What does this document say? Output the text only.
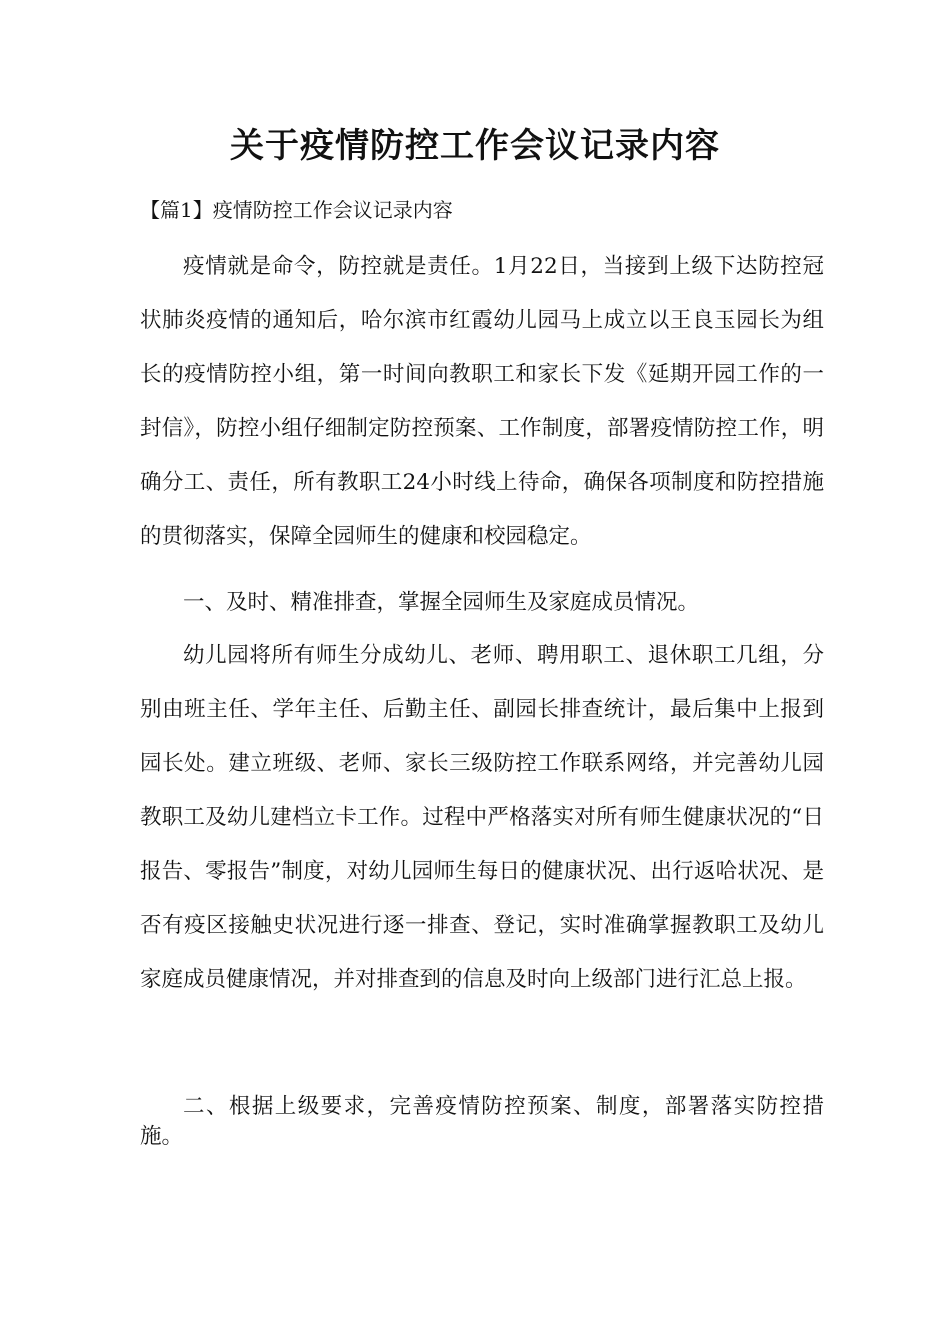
关于疫情防控工作会议记录内容
【篇1】疫情防控工作会议记录内容

疫情就是命令，防控就是责任。1月22日，当接到上级下达防控冠状肺炎疫情的通知后，哈尔滨市红霞幼儿园马上成立以王良玉园长为组长的疫情防控小组，第一时间向教职工和家长下发《延期开园工作的一封信》，防控小组仔细制定防控预案、工作制度，部署疫情防控工作，明确分工、责任，所有教职工24小时线上待命，确保各项制度和防控措施的贯彻落实，保障全园师生的健康和校园稳定。

一、及时、精准排查，掌握全园师生及家庭成员情况。

幼儿园将所有师生分成幼儿、老师、聘用职工、退休职工几组，分别由班主任、学年主任、后勤主任、副园长排查统计，最后集中上报到园长处。建立班级、老师、家长三级防控工作联系网络，并完善幼儿园教职工及幼儿建档立卡工作。过程中严格落实对所有师生健康状况的“日报告、零报告”制度，对幼儿园师生每日的健康状况、出行返哈状况、是否有疫区接触史状况进行逐一排查、登记，实时准确掌握教职工及幼儿家庭成员健康情况，并对排查到的信息及时向上级部门进行汇总上报。

二、根据上级要求，完善疫情防控预案、制度，部署落实防控措施。
